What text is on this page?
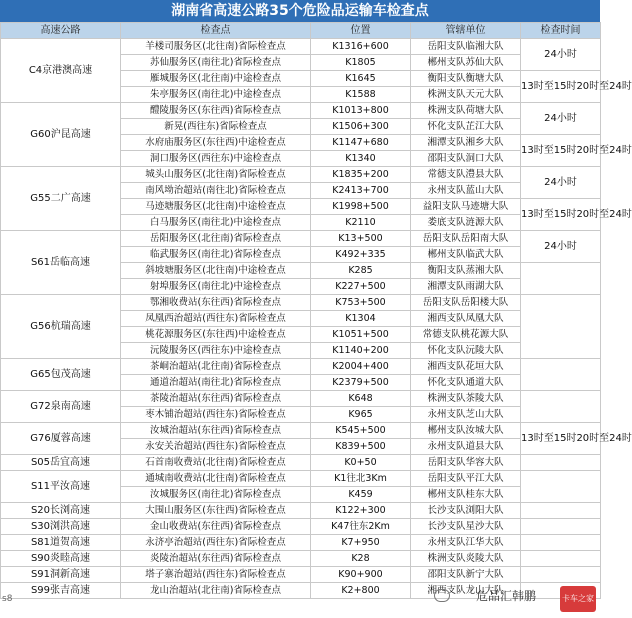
湖南省高速公路35个危险品运输车检查点
高速公路	检查点	位置	管辖单位	检查时间
C4京港澳高速	羊楼司服务区(北往南)省际检查点	K1316+600	岳阳支队临湘大队	24小时
	苏仙服务区(南往北)省际检查点	K1805	郴州支队苏仙大队	
	雁城服务区(北往南)中途检查点	K1645	衡阳支队衡塘大队	13时至15时20时至24时
	朱亭服务区(南往北)中途检查点	K1588	株洲支队天元大队	
G60沪昆高速	醴陵服务区(东往西)省际检查点	K1013+800	株洲支队荷塘大队	24小时
	新晃(西往东)省际检查点	K1506+300	怀化支队芷江大队	
	水府庙服务区(东往西)中途检查点	K1147+680	湘潭支队湘乡大队	13时至15时20时至24时
	洞口服务区(西往东)中途检查点	K1340	邵阳支队洞口大队	
G55二广高速	城头山服务区(北往南)省际检查点	K1835+200	常德支队澧县大队	24小时
	南风坳治超站(南往北)省际检查点	K2413+700	永州支队蓝山大队	
	马迹塘服务区(北往南)中途检查点	K1998+500	益阳支队马迹塘大队	13时至15时20时至24时
	白马服务区(南往北)中途检查点	K2110	娄底支队涟源大队	
S61岳临高速	岳阳服务区(北往南)省际检查点	K13+500	岳阳支队岳阳南大队	24小时
	临武服务区(南往北)省际检查点	K492+335	郴州支队临武大队	
	斜坡塘服务区(北往南)中途检查点	K285	衡阳支队蒸湘大队	
	射埠服务区(南往北)中途检查点	K227+500	湘潭支队雨湖大队	
G56杭瑞高速	鄂湘收费站(东往西)省际检查点	K753+500	岳阳支队岳阳楼大队	
	凤凰西治超站(西往东)省际检查点	K1304	湘西支队凤凰大队	
	桃花源服务区(东往西)中途检查点	K1051+500	常德支队桃花源大队	
	沅陵服务区(西往东)中途检查点	K1140+200	怀化支队沅陵大队	
G65包茂高速	茶峒治超站(北往南)省际检查点	K2004+400	湘西支队花垣大队	
	通道治超站(南往北)省际检查点	K2379+500	怀化支队通道大队	
G72泉南高速	茶陵治超站(东往西)省际检查点	K648	株洲支队茶陵大队	
	枣木铺治超站(西往东)省际检查点	K965	永州支队芝山大队	
G76厦蓉高速	汝城治超站(东往西)省际检查点	K545+500	郴州支队汝城大队	13时至15时20时至24时
	永安关治超站(西往东)省际检查点	K839+500	永州支队道县大队	
S05岳宜高速	石首南收费站(北往南)省际检查点	K0+50	岳阳支队华容大队	
S11平汝高速	通城南收费站(北往南)省际检查点	K1往北3Km	岳阳支队平江大队	
	汝城服务区(南往北)省际检查点	K459	郴州支队桂东大队	
S20长浏高速	大围山服务区(东往西)省际检查点	K122+300	长沙支队浏阳大队	
S30浏洪高速	金山收费站(东往西)省际检查点	K47往东2Km	长沙支队星沙大队	
S81道贺高速	永济亭治超站(西往东)省际检查点	K7+950	永州支队江华大队	
S90炎睦高速	炎陵治超站(东往西)省际检查点	K28	株洲支队炎陵大队	
S91洞新高速	塔子寨治超站(西往东)省际检查点	K90+900	邵阳支队新宁大队	
S99张吉高速	龙山治超站(北往南)省际检查点	K2+800	湘西支队龙山大队	
s8	危品汇韩鹏	卡车之家
